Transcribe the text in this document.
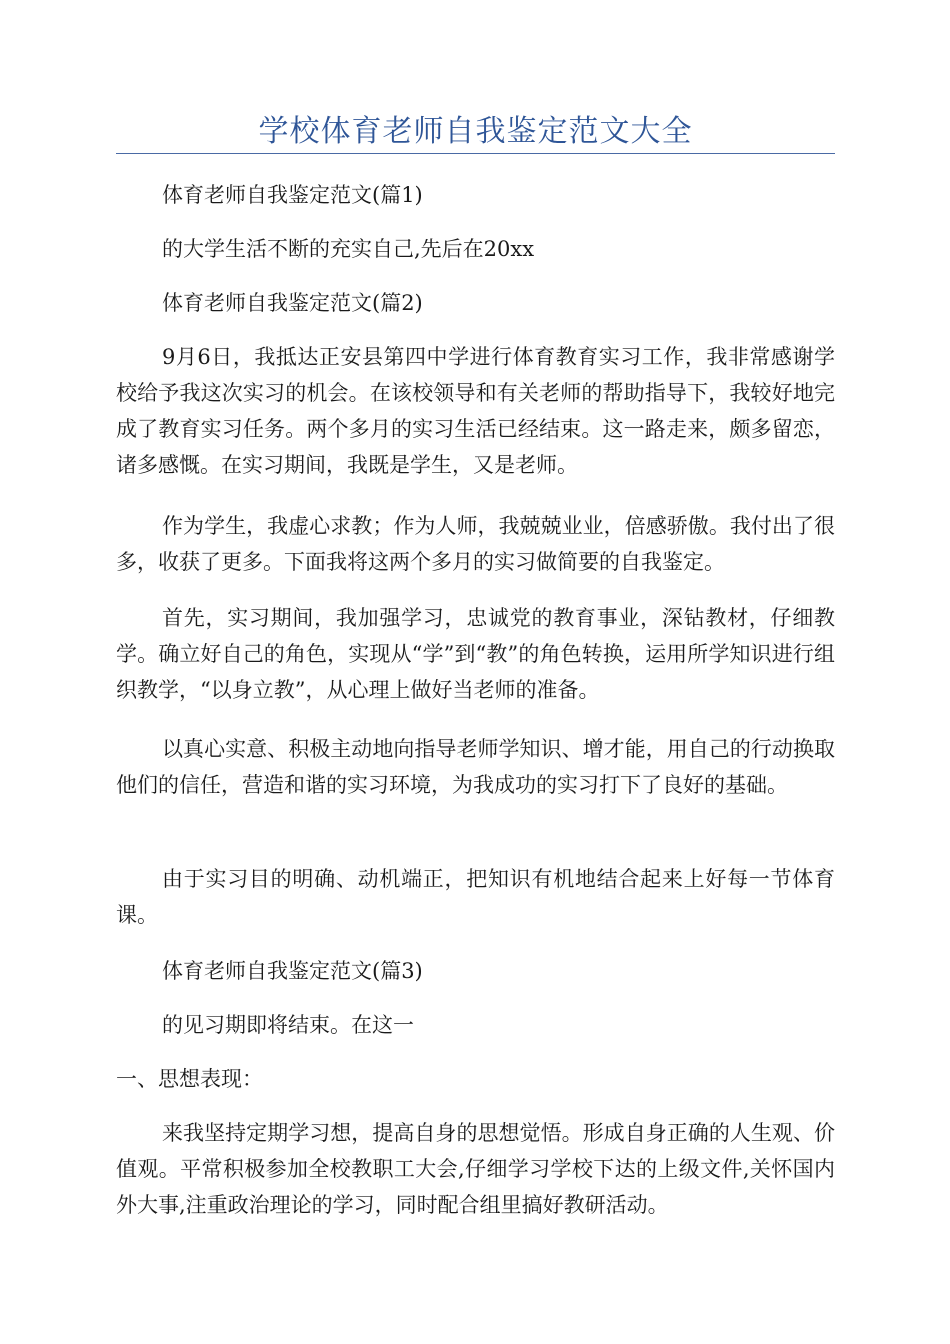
学校体育老师自我鉴定范文大全

体育老师自我鉴定范文(篇1)

的大学生活不断的充实自己,先后在20xx

体育老师自我鉴定范文(篇2)

9月6日，我抵达正安县第四中学进行体育教育实习工作，我非常感谢学校给予我这次实习的机会。在该校领导和有关老师的帮助指导下，我较好地完成了教育实习任务。两个多月的实习生活已经结束。这一路走来，颇多留恋，诸多感慨。在实习期间，我既是学生，又是老师。

作为学生，我虚心求教；作为人师，我兢兢业业，倍感骄傲。我付出了很多，收获了更多。下面我将这两个多月的实习做简要的自我鉴定。

首先，实习期间，我加强学习，忠诚党的教育事业，深钻教材，仔细教学。确立好自己的角色，实现从“学”到“教”的角色转换，运用所学知识进行组织教学，“以身立教”，从心理上做好当老师的准备。

以真心实意、积极主动地向指导老师学知识、增才能，用自己的行动换取他们的信任，营造和谐的实习环境，为我成功的实习打下了良好的基础。

由于实习目的明确、动机端正，把知识有机地结合起来上好每一节体育课。

体育老师自我鉴定范文(篇3)

的见习期即将结束。在这一

一、思想表现：

来我坚持定期学习想，提高自身的思想觉悟。形成自身正确的人生观、价值观。平常积极参加全校教职工大会,仔细学习学校下达的上级文件,关怀国内外大事,注重政治理论的学习，同时配合组里搞好教研活动。
